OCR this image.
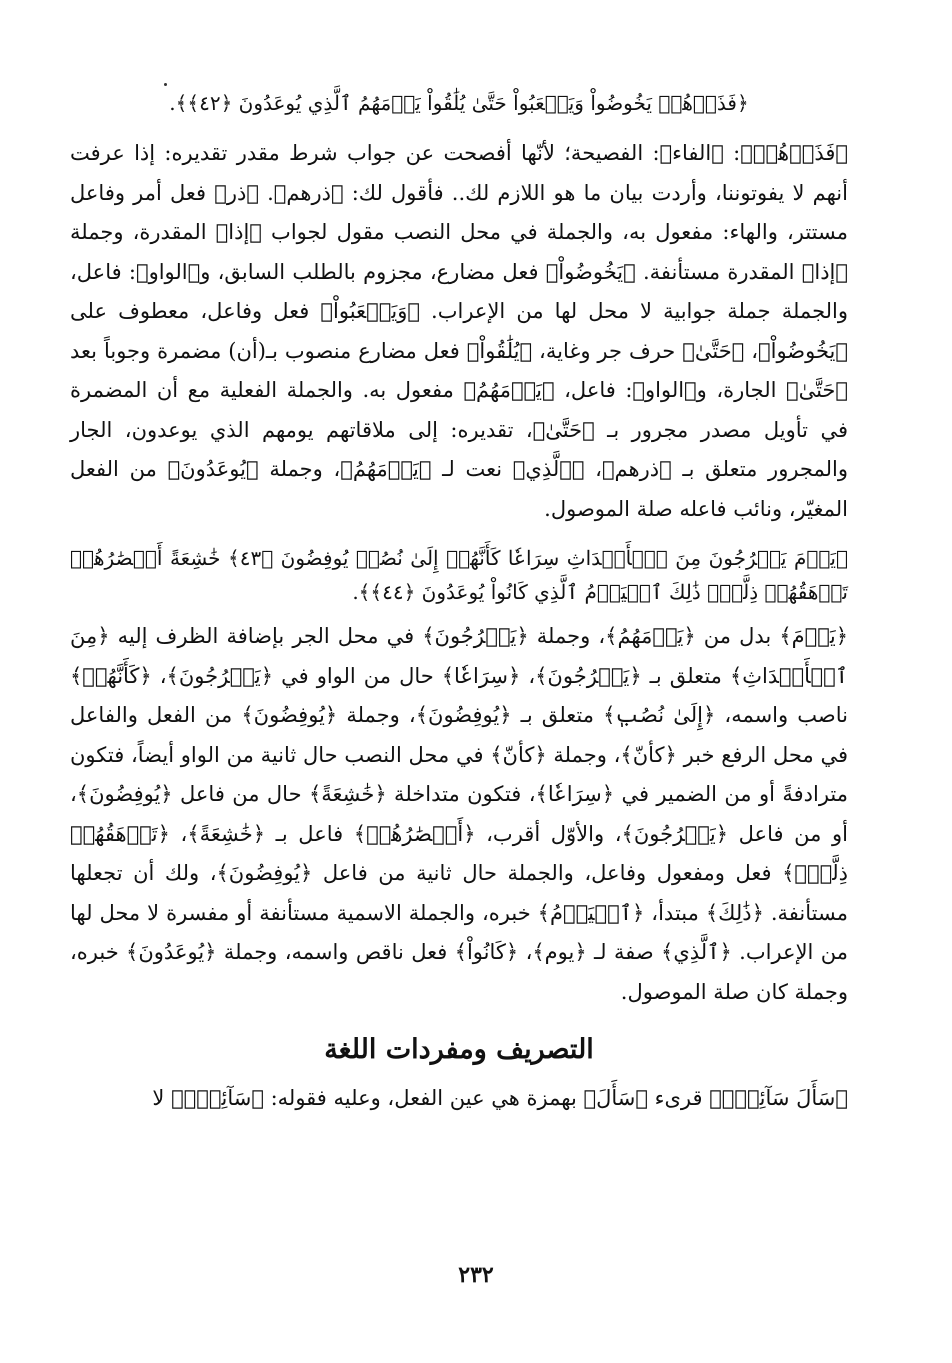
﴿فَذَرۡهُمۡ يَخُوضُواْ وَيَلۡعَبُواْ حَتَّىٰ يُلَٰقُواْ يَوۡمَهُمُ ٱلَّذِي يُوعَدُونَ ﴿٤٢﴾﴾.

﴿فَذَرۡهُمۡ﴾: ﴿الفاء﴾: الفصيحة؛ لأنّها أفصحت عن جواب شرط مقدر تقديره: إذا عرفت أنهم لا يفوتوننا، وأردت بيان ما هو اللازم لك.. فأقول لك: ﴿ذرهم﴾. ﴿ذر﴾ فعل أمر وفاعل مستتر، والهاء: مفعول به، والجملة في محل النصب مقول لجواب ﴿إذا﴾ المقدرة، وجملة ﴿إذا﴾ المقدرة مستأنفة. ﴿يَخُوضُواْ﴾ فعل مضارع، مجزوم بالطلب السابق، و﴿الواو﴾: فاعل، والجملة جملة جوابية لا محل لها من الإعراب. ﴿وَيَلۡعَبُواْ﴾ فعل وفاعل، معطوف على ﴿يَخُوضُواْ﴾، ﴿حَتَّىٰ﴾ حرف جر وغاية، ﴿يُلَٰقُواْ﴾ فعل مضارع منصوب بـ(أن) مضمرة وجوباً بعد ﴿حَتَّىٰ﴾ الجارة، و﴿الواو﴾: فاعل، ﴿يَوۡمَهُمُ﴾ مفعول به. والجملة الفعلية مع أن المضمرة في تأويل مصدر مجرور بـ ﴿حَتَّىٰ﴾، تقديره: إلى ملاقاتهم يومهم الذي يوعدون، الجار والمجرور متعلق بـ ﴿ذرهم﴾، ﴿ٱلَّذِي﴾ نعت لـ ﴿يَوۡمَهُمُ﴾، وجملة ﴿يُوعَدُونَ﴾ من الفعل المغيّر، ونائب فاعله صلة الموصول.

﴿يَوۡمَ يَخۡرُجُونَ مِنَ ٱلۡأَجۡدَاثِ سِرَاعٗا كَأَنَّهُمۡ إِلَىٰ نُصُبٖ يُوفِضُونَ ﴿٤٣﴾ خَٰشِعَةً أَبۡصَٰرُهُمۡ تَرۡهَقُهُمۡ ذِلَّةٞۚ ذَٰلِكَ ٱلۡيَوۡمُ ٱلَّذِي كَانُواْ يُوعَدُونَ ﴿٤٤﴾﴾.

﴿يَوۡمَ﴾ بدل من ﴿يَوۡمَهُمُ﴾، وجملة ﴿يَخۡرُجُونَ﴾ في محل الجر بإضافة الظرف إليه ﴿مِنَ ٱلۡأَجۡدَاثِ﴾ متعلق بـ ﴿يَخۡرُجُونَ﴾، ﴿سِرَاعٗا﴾ حال من الواو في ﴿يَخۡرُجُونَ﴾، ﴿كَأَنَّهُمۡ﴾ ناصب واسمه، ﴿إِلَىٰ نُصُبٖ﴾ متعلق بـ ﴿يُوفِضُونَ﴾، وجملة ﴿يُوفِضُونَ﴾ من الفعل والفاعل في محل الرفع خبر ﴿كأنّ﴾، وجملة ﴿كأنّ﴾ في محل النصب حال ثانية من الواو أيضاً، فتكون مترادفةً أو من الضمير في ﴿سِرَاعٗا﴾، فتكون متداخلة ﴿خَٰشِعَةً﴾ حال من فاعل ﴿يُوفِضُونَ﴾، أو من فاعل ﴿يَخۡرُجُونَ﴾، والأوّل أقرب، ﴿أَبۡصَٰرُهُمۡ﴾ فاعل بـ ﴿خَٰشِعَةً﴾، ﴿تَرۡهَقُهُمۡ ذِلَّةٞۚ﴾ فعل ومفعول وفاعل، والجملة حال ثانية من فاعل ﴿يُوفِضُونَ﴾، ولك أن تجعلها مستأنفة. ﴿ذَٰلِكَ﴾ مبتدأ، ﴿ٱلۡيَوۡمُ﴾ خبره، والجملة الاسمية مستأنفة أو مفسرة لا محل لها من الإعراب. ﴿ٱلَّذِي﴾ صفة لـ ﴿يوم﴾، ﴿كَانُواْ﴾ فعل ناقص واسمه، وجملة ﴿يُوعَدُونَ﴾ خبره، وجملة كان صلة الموصول.

التصريف ومفردات اللغة

﴿سَأَلَ سَآئِلُۢ﴾ قرىء ﴿سَأَلَ﴾ بهمزة هي عين الفعل، وعليه فقوله: ﴿سَآئِلُۢ﴾ لا

٢٣٢
